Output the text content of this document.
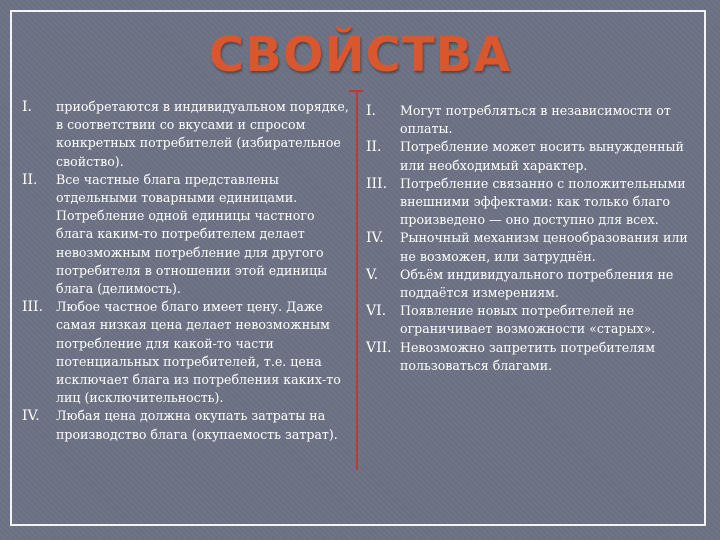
СВОЙСТВА
I. приобретаются в индивидуальном порядке, в соответствии со вкусами и спросом конкретных потребителей (избирательное свойство).
II. Все частные блага представлены отдельными товарными единицами. Потребление одной единицы частного блага каким-то потребителем делает невозможным потребление для другого потребителя в отношении этой единицы блага (делимость).
III. Любое частное благо имеет цену. Даже самая низкая цена делает невозможным потребление для какой-то части потенциальных потребителей, т.е. цена исключает блага из потребления каких-то лиц (исключительность).
IV. Любая цена должна окупать затраты на производство блага (окупаемость затрат).
I. Могут потребляться в независимости от оплаты.
II. Потребление может носить вынужденный или необходимый характер.
III. Потребление связанно с положительными внешними эффектами: как только благо произведено — оно доступно для всех.
IV. Рыночный механизм ценообразования или не возможен, или затруднён.
V. Объём индивидуального потребления не поддаётся измерениям.
VI. Появление новых потребителей не ограничивает возможности «старых».
VII. Невозможно запретить потребителям пользоваться благами.
